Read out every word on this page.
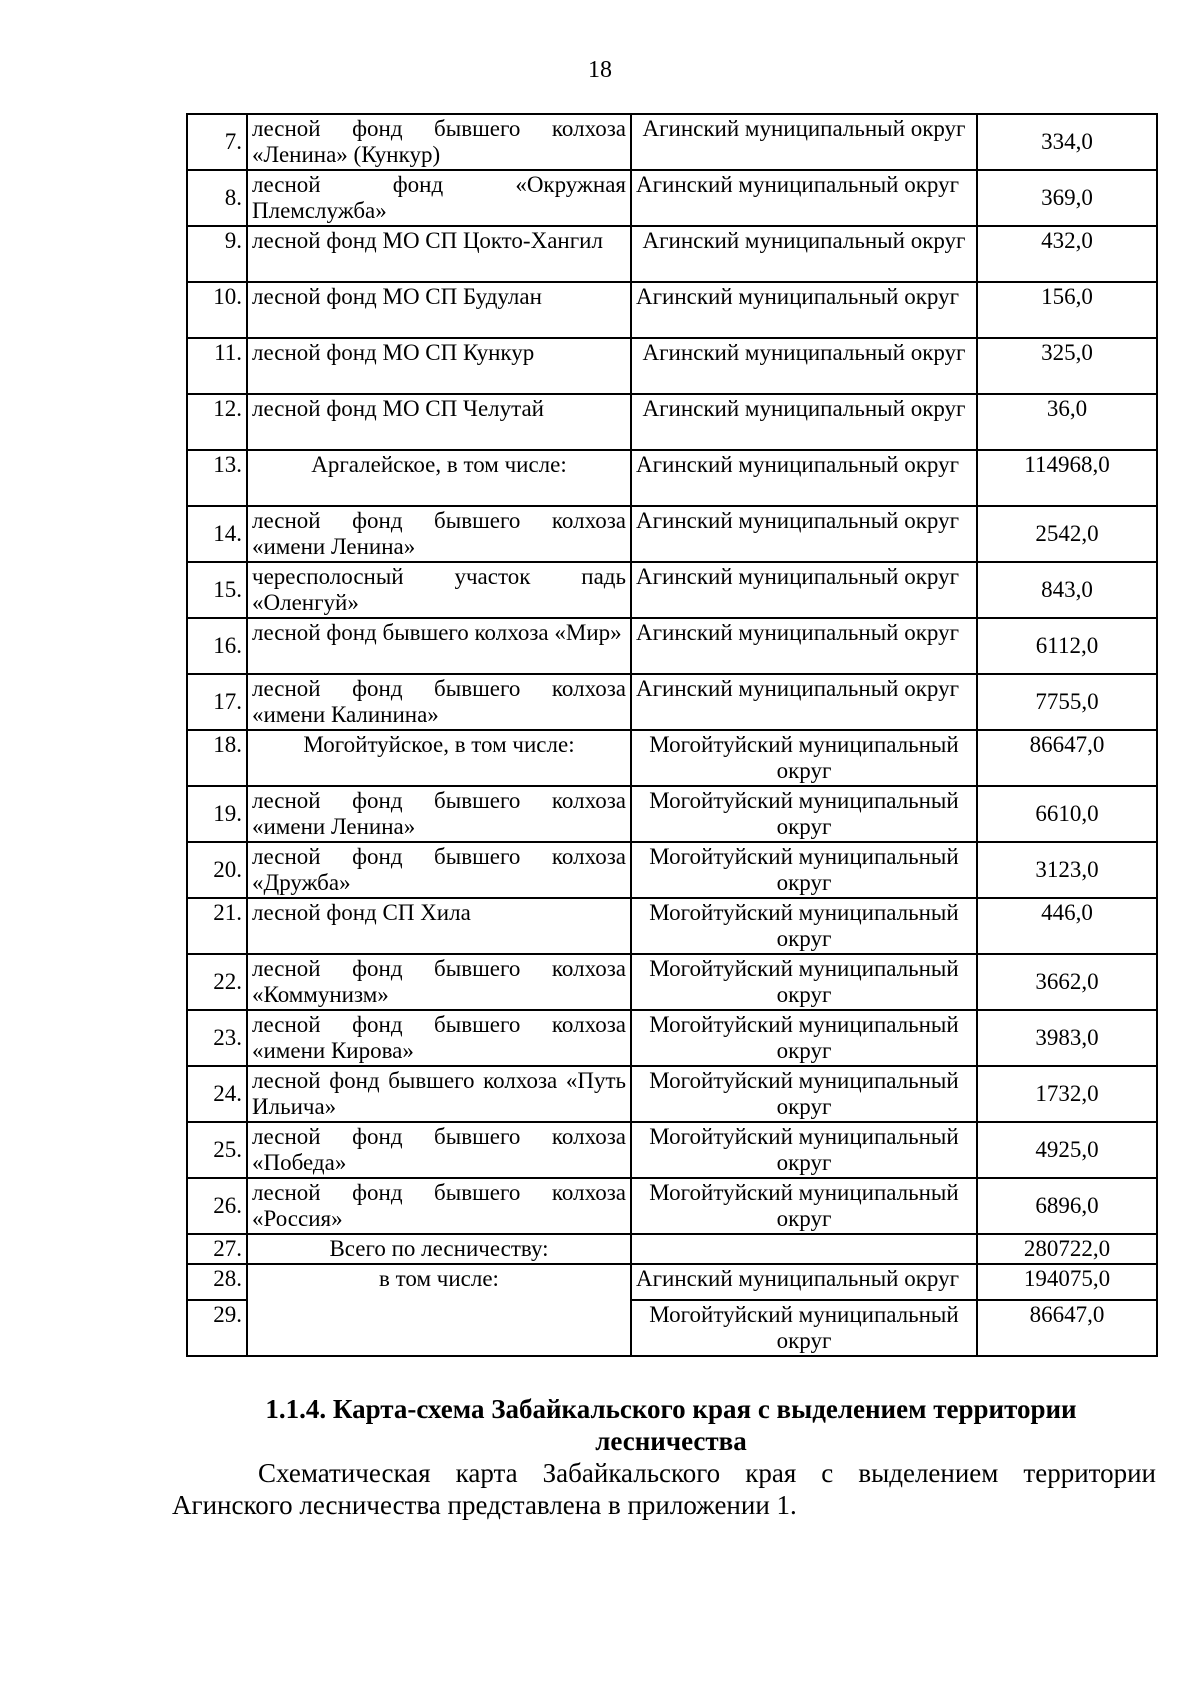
18
7.	лесной фонд бывшего колхоза «Ленина» (Кункур)	Агинский муниципальный округ	334,0
8.	лесной фонд «Окружная Племслужба»	Агинский муниципальный округ	369,0
9.	лесной фонд МО СП Цокто-Хангил	Агинский муниципальный округ	432,0
10.	лесной фонд МО СП Будулан	Агинский муниципальный округ	156,0
11.	лесной фонд МО СП Кункур	Агинский муниципальный округ	325,0
12.	лесной фонд МО СП Челутай	Агинский муниципальный округ	36,0
13.	Аргалейское, в том числе:	Агинский муниципальный округ	114968,0
14.	лесной фонд бывшего колхоза «имени Ленина»	Агинский муниципальный округ	2542,0
15.	чересполосный участок падь «Оленгуй»	Агинский муниципальный округ	843,0
16.	лесной фонд бывшего колхоза «Мир»	Агинский муниципальный округ	6112,0
17.	лесной фонд бывшего колхоза «имени Калинина»	Агинский муниципальный округ	7755,0
18.	Могойтуйское, в том числе:	Могойтуйский муниципальный округ	86647,0
19.	лесной фонд бывшего колхоза «имени Ленина»	Могойтуйский муниципальный округ	6610,0
20.	лесной фонд бывшего колхоза «Дружба»	Могойтуйский муниципальный округ	3123,0
21.	лесной фонд СП Хила	Могойтуйский муниципальный округ	446,0
22.	лесной фонд бывшего колхоза «Коммунизм»	Могойтуйский муниципальный округ	3662,0
23.	лесной фонд бывшего колхоза «имени Кирова»	Могойтуйский муниципальный округ	3983,0
24.	лесной фонд бывшего колхоза «Путь Ильича»	Могойтуйский муниципальный округ	1732,0
25.	лесной фонд бывшего колхоза «Победа»	Могойтуйский муниципальный округ	4925,0
26.	лесной фонд бывшего колхоза «Россия»	Могойтуйский муниципальный округ	6896,0
27.	Всего по лесничеству:		280722,0
28.	в том числе:	Агинский муниципальный округ	194075,0
29.		Могойтуйский муниципальный округ	86647,0
1.1.4. Карта-схема Забайкальского края с выделением территории
лесничества
Схематическая карта Забайкальского края с выделением территории
Агинского лесничества представлена в приложении 1.
